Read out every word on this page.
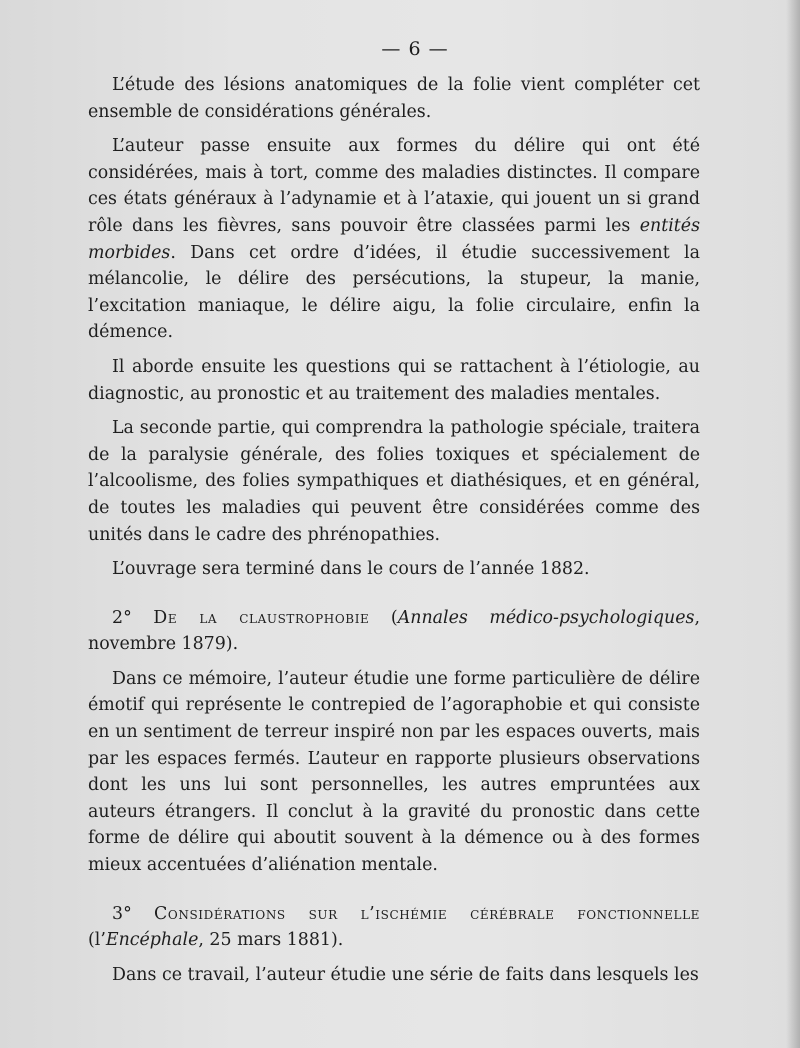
— 6 —

L’étude des lésions anatomiques de la folie vient compléter cet ensemble de considérations générales.

L’auteur passe ensuite aux formes du délire qui ont été considérées, mais à tort, comme des maladies distinctes. Il compare ces états généraux à l’adynamie et à l’ataxie, qui jouent un si grand rôle dans les fièvres, sans pouvoir être classées parmi les entités morbides. Dans cet ordre d’idées, il étudie successivement la mélancolie, le délire des persécutions, la stupeur, la manie, l’excitation maniaque, le délire aigu, la folie circulaire, enfin la démence.

Il aborde ensuite les questions qui se rattachent à l’étiologie, au diagnostic, au pronostic et au traitement des maladies mentales.

La seconde partie, qui comprendra la pathologie spéciale, traitera de la paralysie générale, des folies toxiques et spécialement de l’alcoolisme, des folies sympathiques et diathésiques, et en général, de toutes les maladies qui peuvent être considérées comme des unités dans le cadre des phrénopathies.

L’ouvrage sera terminé dans le cours de l’année 1882.

2° De la claustrophobie (Annales médico-psychologiques, novembre 1879).

Dans ce mémoire, l’auteur étudie une forme particulière de délire émotif qui représente le contrepied de l’agoraphobie et qui consiste en un sentiment de terreur inspiré non par les espaces ouverts, mais par les espaces fermés. L’auteur en rapporte plusieurs observations dont les uns lui sont personnelles, les autres empruntées aux auteurs étrangers. Il conclut à la gravité du pronostic dans cette forme de délire qui aboutit souvent à la démence ou à des formes mieux accentuées d’aliénation mentale.

3° Considérations sur l’ischémie cérébrale fonctionnelle (l’Encéphale, 25 mars 1881).

Dans ce travail, l’auteur étudie une série de faits dans lesquels les
